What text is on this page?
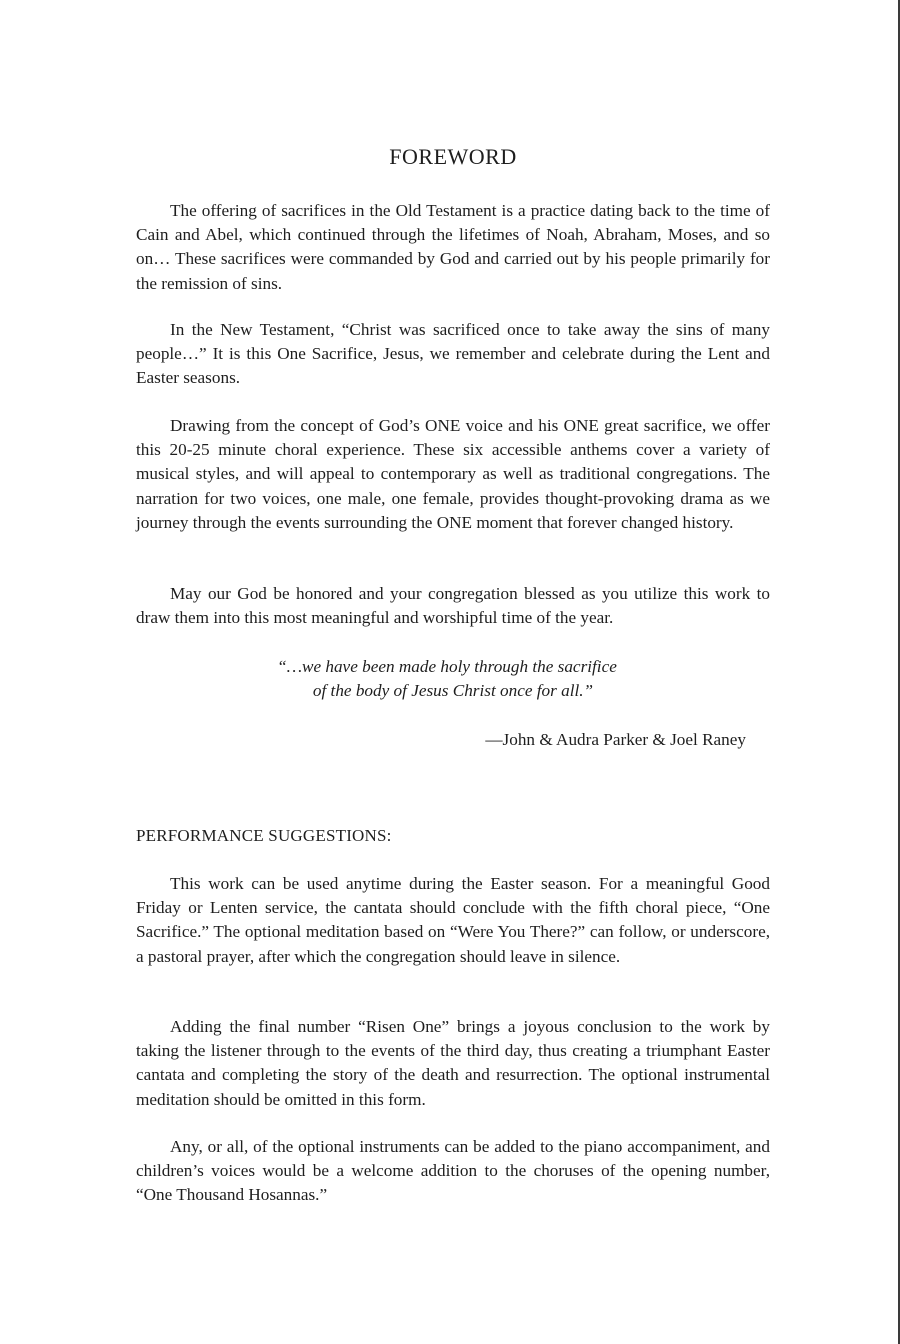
FOREWORD

The offering of sacrifices in the Old Testament is a practice dating back to the time of Cain and Abel, which continued through the lifetimes of Noah, Abraham, Moses, and so on… These sacrifices were commanded by God and carried out by his people primarily for the remission of sins.

In the New Testament, “Christ was sacrificed once to take away the sins of many people…” It is this One Sacrifice, Jesus, we remember and celebrate during the Lent and Easter seasons.

Drawing from the concept of God’s ONE voice and his ONE great sacrifice, we offer this 20-25 minute choral experience. These six accessible anthems cover a variety of musical styles, and will appeal to contemporary as well as traditional congregations. The narration for two voices, one male, one female, provides thought-provoking drama as we journey through the events surrounding the ONE moment that forever changed history.

May our God be honored and your congregation blessed as you utilize this work to draw them into this most meaningful and worshipful time of the year.

“…we have been made holy through the sacrifice
of the body of Jesus Christ once for all.”
—John & Audra Parker & Joel Raney
PERFORMANCE SUGGESTIONS:

This work can be used anytime during the Easter season. For a meaningful Good Friday or Lenten service, the cantata should conclude with the fifth choral piece, “One Sacrifice.” The optional meditation based on “Were You There?” can follow, or underscore, a pastoral prayer, after which the congregation should leave in silence.

Adding the final number “Risen One” brings a joyous conclusion to the work by taking the listener through to the events of the third day, thus creating a triumphant Easter cantata and completing the story of the death and resurrection. The optional instrumental meditation should be omitted in this form.

Any, or all, of the optional instruments can be added to the piano accompaniment, and children’s voices would be a welcome addition to the choruses of the opening number, “One Thousand Hosannas.”
